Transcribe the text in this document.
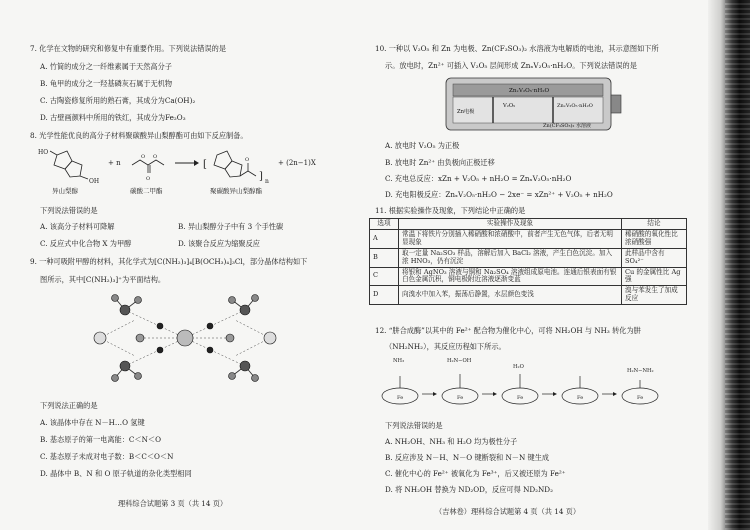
7. 化学在文物的研究和修复中有重要作用。下列说法错误的是
A. 竹简的成分之一纤维素属于天然高分子
B. 龟甲的成分之一羟基磷灰石属于无机物
C. 古陶瓷修复所用的熟石膏，其成分为Ca(OH)₂
D. 古壁画颜料中所用的铁红，其成分为Fe₂O₃
8. 光学性能优良的高分子材料聚碳酸异山梨醇酯可由如下反应制备。
HO
OH
+ n
O O
O
[	O
] n
+ (2n−1)X
异山梨醇	碳酸二甲酯	聚碳酸异山梨醇酯
下列说法错误的是
A. 该高分子材料可降解	B. 异山梨醇分子中有 3 个手性碳
C. 反应式中化合物 X 为甲醇	D. 该聚合反应为缩聚反应
9. 一种可吸附甲醇的材料，其化学式为[C(NH₂)₃]₄[B(OCH₃)₄]₃Cl，部分晶体结构如下
图所示，其中[C(NH₂)₃]⁺为平面结构。
下列说法正确的是
A. 该晶体中存在 N－H…O 氢键
B. 基态原子的第一电离能：C＜N＜O
C. 基态原子未成对电子数：B＜C＜O＜N
D. 晶体中 B、N 和 O 原子轨道的杂化类型相同
理科综合试题第 3 页（共 14 页）
10. 一种以 V₂O₅ 和 Zn 为电极、Zn(CF₃SO₃)₂ 水溶液为电解质的电池，其示意图如下所
示。放电时，Zn²⁺ 可插入 V₂O₅ 层间形成 ZnₓV₂O₅·nH₂O。下列说法错误的是
ZnₓV₂O₅·nH₂O
Zn电极
V₂O₅	ZnₓV₂O₅·nH₂O
Zn(CF₃SO₃)₂ 水溶液
A. 放电时 V₂O₅ 为正极
B. 放电时 Zn²⁺ 由负极向正极迁移
C. 充电总反应：xZn + V₂O₅ + nH₂O = ZnₓV₂O₅·nH₂O
D. 充电阳极反应：ZnₓV₂O₅·nH₂O − 2xe⁻ = xZn²⁺ + V₂O₅ + nH₂O
11. 根据实验操作及现象，下列结论中正确的是
选项	实验操作及现象	结论
A	常温下将铁片分别插入稀硝酸和浓硝酸中，前者产生无色气体，后者无明显现象	稀硝酸的氧化性比浓硝酸强
B	取一定量 Na₂SO₃ 样品，溶解后加入 BaCl₂ 溶液，产生白色沉淀。加入浓 HNO₃，仍有沉淀	此样品中含有 SO₄²⁻
C	将银和 AgNO₃ 溶液与铜和 Na₂SO₄ 溶液组成原电池。连通后银表面有银白色金属沉积，铜电极附近溶液逐渐变蓝	Cu 的金属性比 Ag 强
D	向溴水中加入苯，振荡后静置，水层颜色变浅	溴与苯发生了加成反应
12. “肼合成酶”以其中的 Fe²⁺ 配合物为催化中心，可将 NH₂OH 与 NH₃ 转化为肼
（NH₂NH₂），其反应历程如下所示。
Fe	Fe	Fe	Fe	Fe
NH₃	H₂N−OH
H₂O
H₂N−NH₂
下列说法错误的是
A. NH₂OH、NH₃ 和 H₂O 均为极性分子
B. 反应涉及 N－H、N－O 键断裂和 N－N 键生成
C. 催化中心的 Fe²⁺ 被氧化为 Fe³⁺，后又被还原为 Fe²⁺
D. 将 NH₂OH 替换为 ND₂OD，反应可得 ND₂ND₂
（吉林卷）理科综合试题第 4 页（共 14 页）
